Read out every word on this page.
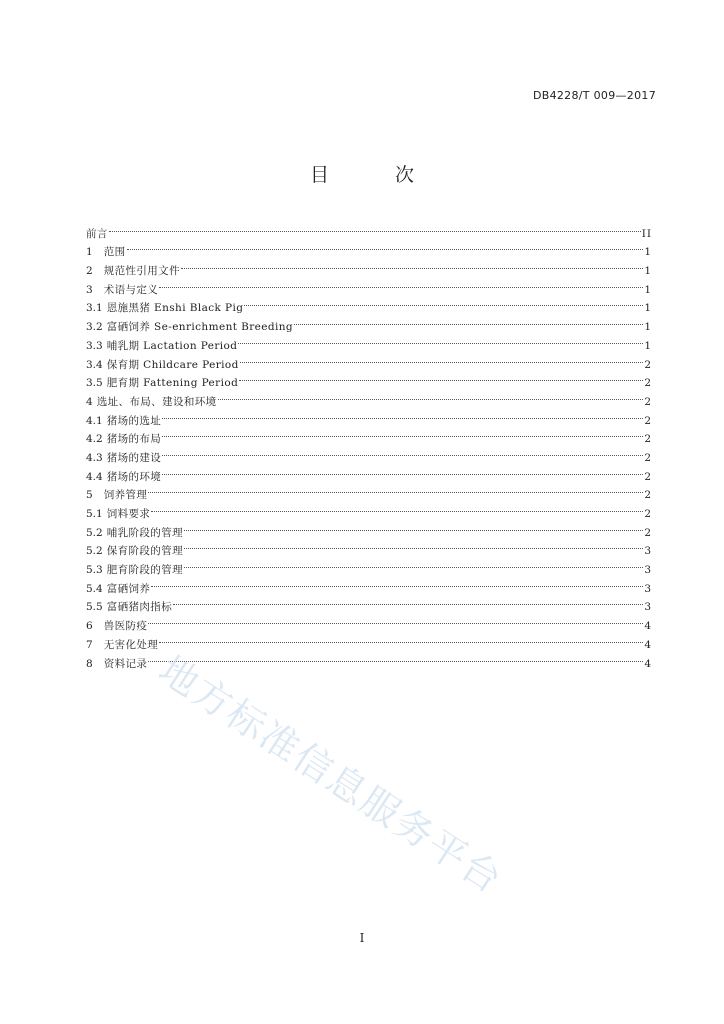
DB4228/T 009—2017
目 次
前言	II
1 范围	1
2 规范性引用文件	1
3 术语与定义	1
3.1 恩施黑猪 Enshi Black Pig	1
3.2 富硒饲养 Se-enrichment Breeding	1
3.3 哺乳期 Lactation Period	1
3.4 保育期 Childcare Period	2
3.5 肥育期 Fattening Period	2
4 选址、布局、建设和环境	2
4.1 猪场的选址	2
4.2 猪场的布局	2
4.3 猪场的建设	2
4.4 猪场的环境	2
5 饲养管理	2
5.1 饲料要求	2
5.2 哺乳阶段的管理	2
5.2 保育阶段的管理	3
5.3 肥育阶段的管理	3
5.4 富硒饲养	3
5.5 富硒猪肉指标	3
6 兽医防疫	4
7 无害化处理	4
8 资料记录	4
地方标准信息服务平台
I
